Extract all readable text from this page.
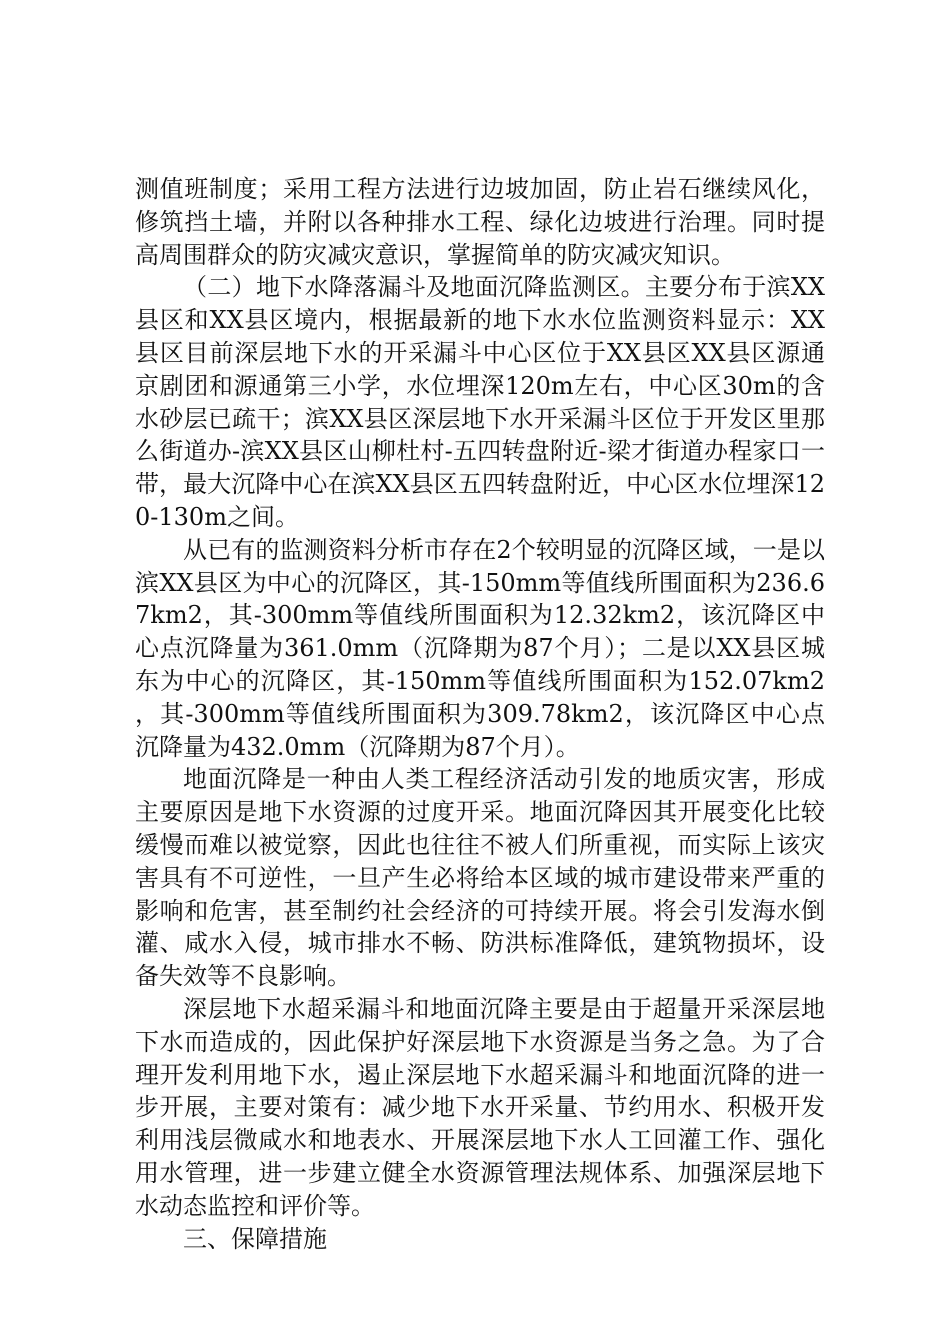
测值班制度；采用工程方法进行边坡加固，防止岩石继续风化，修筑挡土墙，并附以各种排水工程、绿化边坡进行治理。同时提高周围群众的防灾减灾意识，掌握简单的防灾减灾知识。

（二）地下水降落漏斗及地面沉降监测区。主要分布于滨XX县区和XX县区境内，根据最新的地下水水位监测资料显示：XX县区目前深层地下水的开采漏斗中心区位于XX县区XX县区源通京剧团和源通第三小学，水位埋深120m左右，中心区30m的含水砂层已疏干；滨XX县区深层地下水开采漏斗区位于开发区里那么街道办-滨XX县区山柳杜村-五四转盘附近-梁才街道办程家口一带，最大沉降中心在滨XX县区五四转盘附近，中心区水位埋深120-130m之间。

从已有的监测资料分析市存在2个较明显的沉降区域，一是以滨XX县区为中心的沉降区，其-150mm等值线所围面积为236.67km2，其-300mm等值线所围面积为12.32km2，该沉降区中心点沉降量为361.0mm（沉降期为87个月）；二是以XX县区城东为中心的沉降区，其-150mm等值线所围面积为152.07km2，其-300mm等值线所围面积为309.78km2，该沉降区中心点沉降量为432.0mm（沉降期为87个月）。

地面沉降是一种由人类工程经济活动引发的地质灾害，形成主要原因是地下水资源的过度开采。地面沉降因其开展变化比较缓慢而难以被觉察，因此也往往不被人们所重视，而实际上该灾害具有不可逆性，一旦产生必将给本区域的城市建设带来严重的影响和危害，甚至制约社会经济的可持续开展。将会引发海水倒灌、咸水入侵，城市排水不畅、防洪标准降低，建筑物损坏，设备失效等不良影响。

深层地下水超采漏斗和地面沉降主要是由于超量开采深层地下水而造成的，因此保护好深层地下水资源是当务之急。为了合理开发利用地下水，遏止深层地下水超采漏斗和地面沉降的进一步开展，主要对策有：减少地下水开采量、节约用水、积极开发利用浅层微咸水和地表水、开展深层地下水人工回灌工作、强化用水管理，进一步建立健全水资源管理法规体系、加强深层地下水动态监控和评价等。

三、保障措施
